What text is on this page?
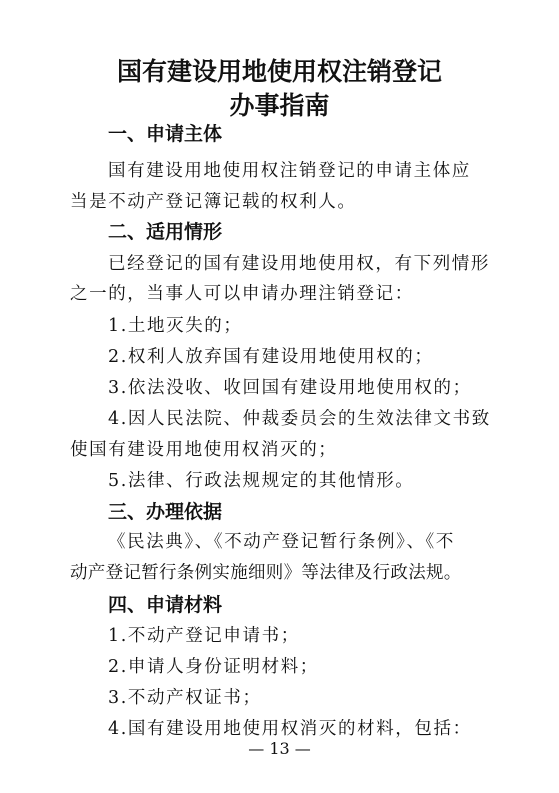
国有建设用地使用权注销登记
办事指南
一、申请主体
国有建设用地使用权注销登记的申请主体应
当是不动产登记簿记载的权利人。
二、适用情形
已经登记的国有建设用地使用权，有下列情形
之一的，当事人可以申请办理注销登记：
1.土地灭失的；
2.权利人放弃国有建设用地使用权的；
3.依法没收、收回国有建设用地使用权的；
4.因人民法院、仲裁委员会的生效法律文书致
使国有建设用地使用权消灭的；
5.法律、行政法规规定的其他情形。
三、办理依据
《民法典》、《不动产登记暂行条例》、《不
动产登记暂行条例实施细则》等法律及行政法规。
四、申请材料
1.不动产登记申请书；
2.申请人身份证明材料；
3.不动产权证书；
4.国有建设用地使用权消灭的材料，包括：
— 13 —
